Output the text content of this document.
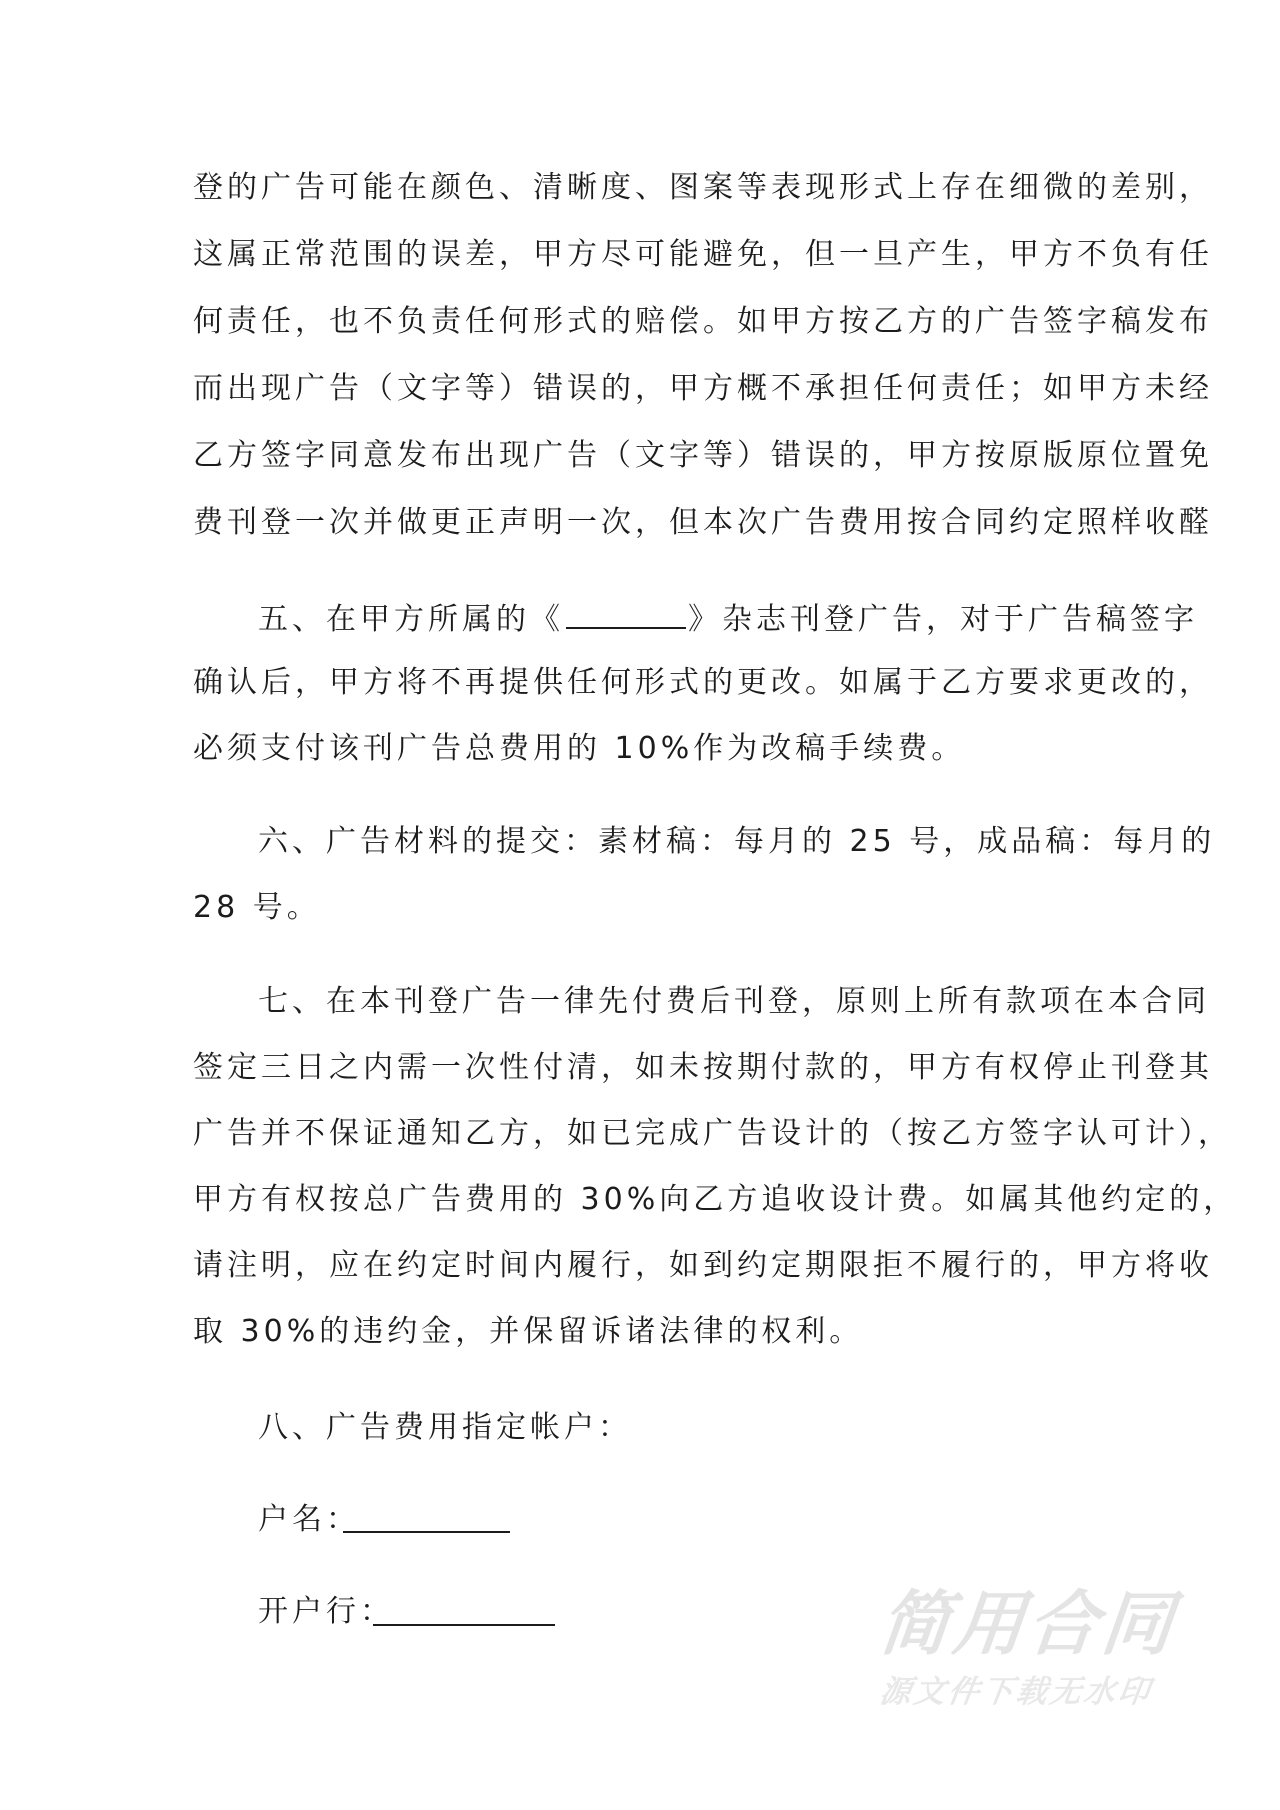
登的广告可能在颜色、清晰度、图案等表现形式上存在细微的差别，
这属正常范围的误差，甲方尽可能避免，但一旦产生，甲方不负有任
何责任，也不负责任何形式的赔偿。如甲方按乙方的广告签字稿发布
而出现广告（文字等）错误的，甲方概不承担任何责任；如甲方未经
乙方签字同意发布出现广告（文字等）错误的，甲方按原版原位置免
费刊登一次并做更正声明一次，但本次广告费用按合同约定照样收醛
五、在甲方所属的《	》杂志刊登广告，对于广告稿签字
确认后，甲方将不再提供任何形式的更改。如属于乙方要求更改的，
必须支付该刊广告总费用的 10%作为改稿手续费。
六、广告材料的提交：素材稿：每月的 25 号，成品稿：每月的
28 号。
七、在本刊登广告一律先付费后刊登，原则上所有款项在本合同
签定三日之内需一次性付清，如未按期付款的，甲方有权停止刊登其
广告并不保证通知乙方，如已完成广告设计的（按乙方签字认可计），
甲方有权按总广告费用的 30%向乙方追收设计费。如属其他约定的，
请注明，应在约定时间内履行，如到约定期限拒不履行的，甲方将收
取 30%的违约金，并保留诉诸法律的权利。
八、广告费用指定帐户：
户名：
开户行：	简用合同
源文件下载无水印
